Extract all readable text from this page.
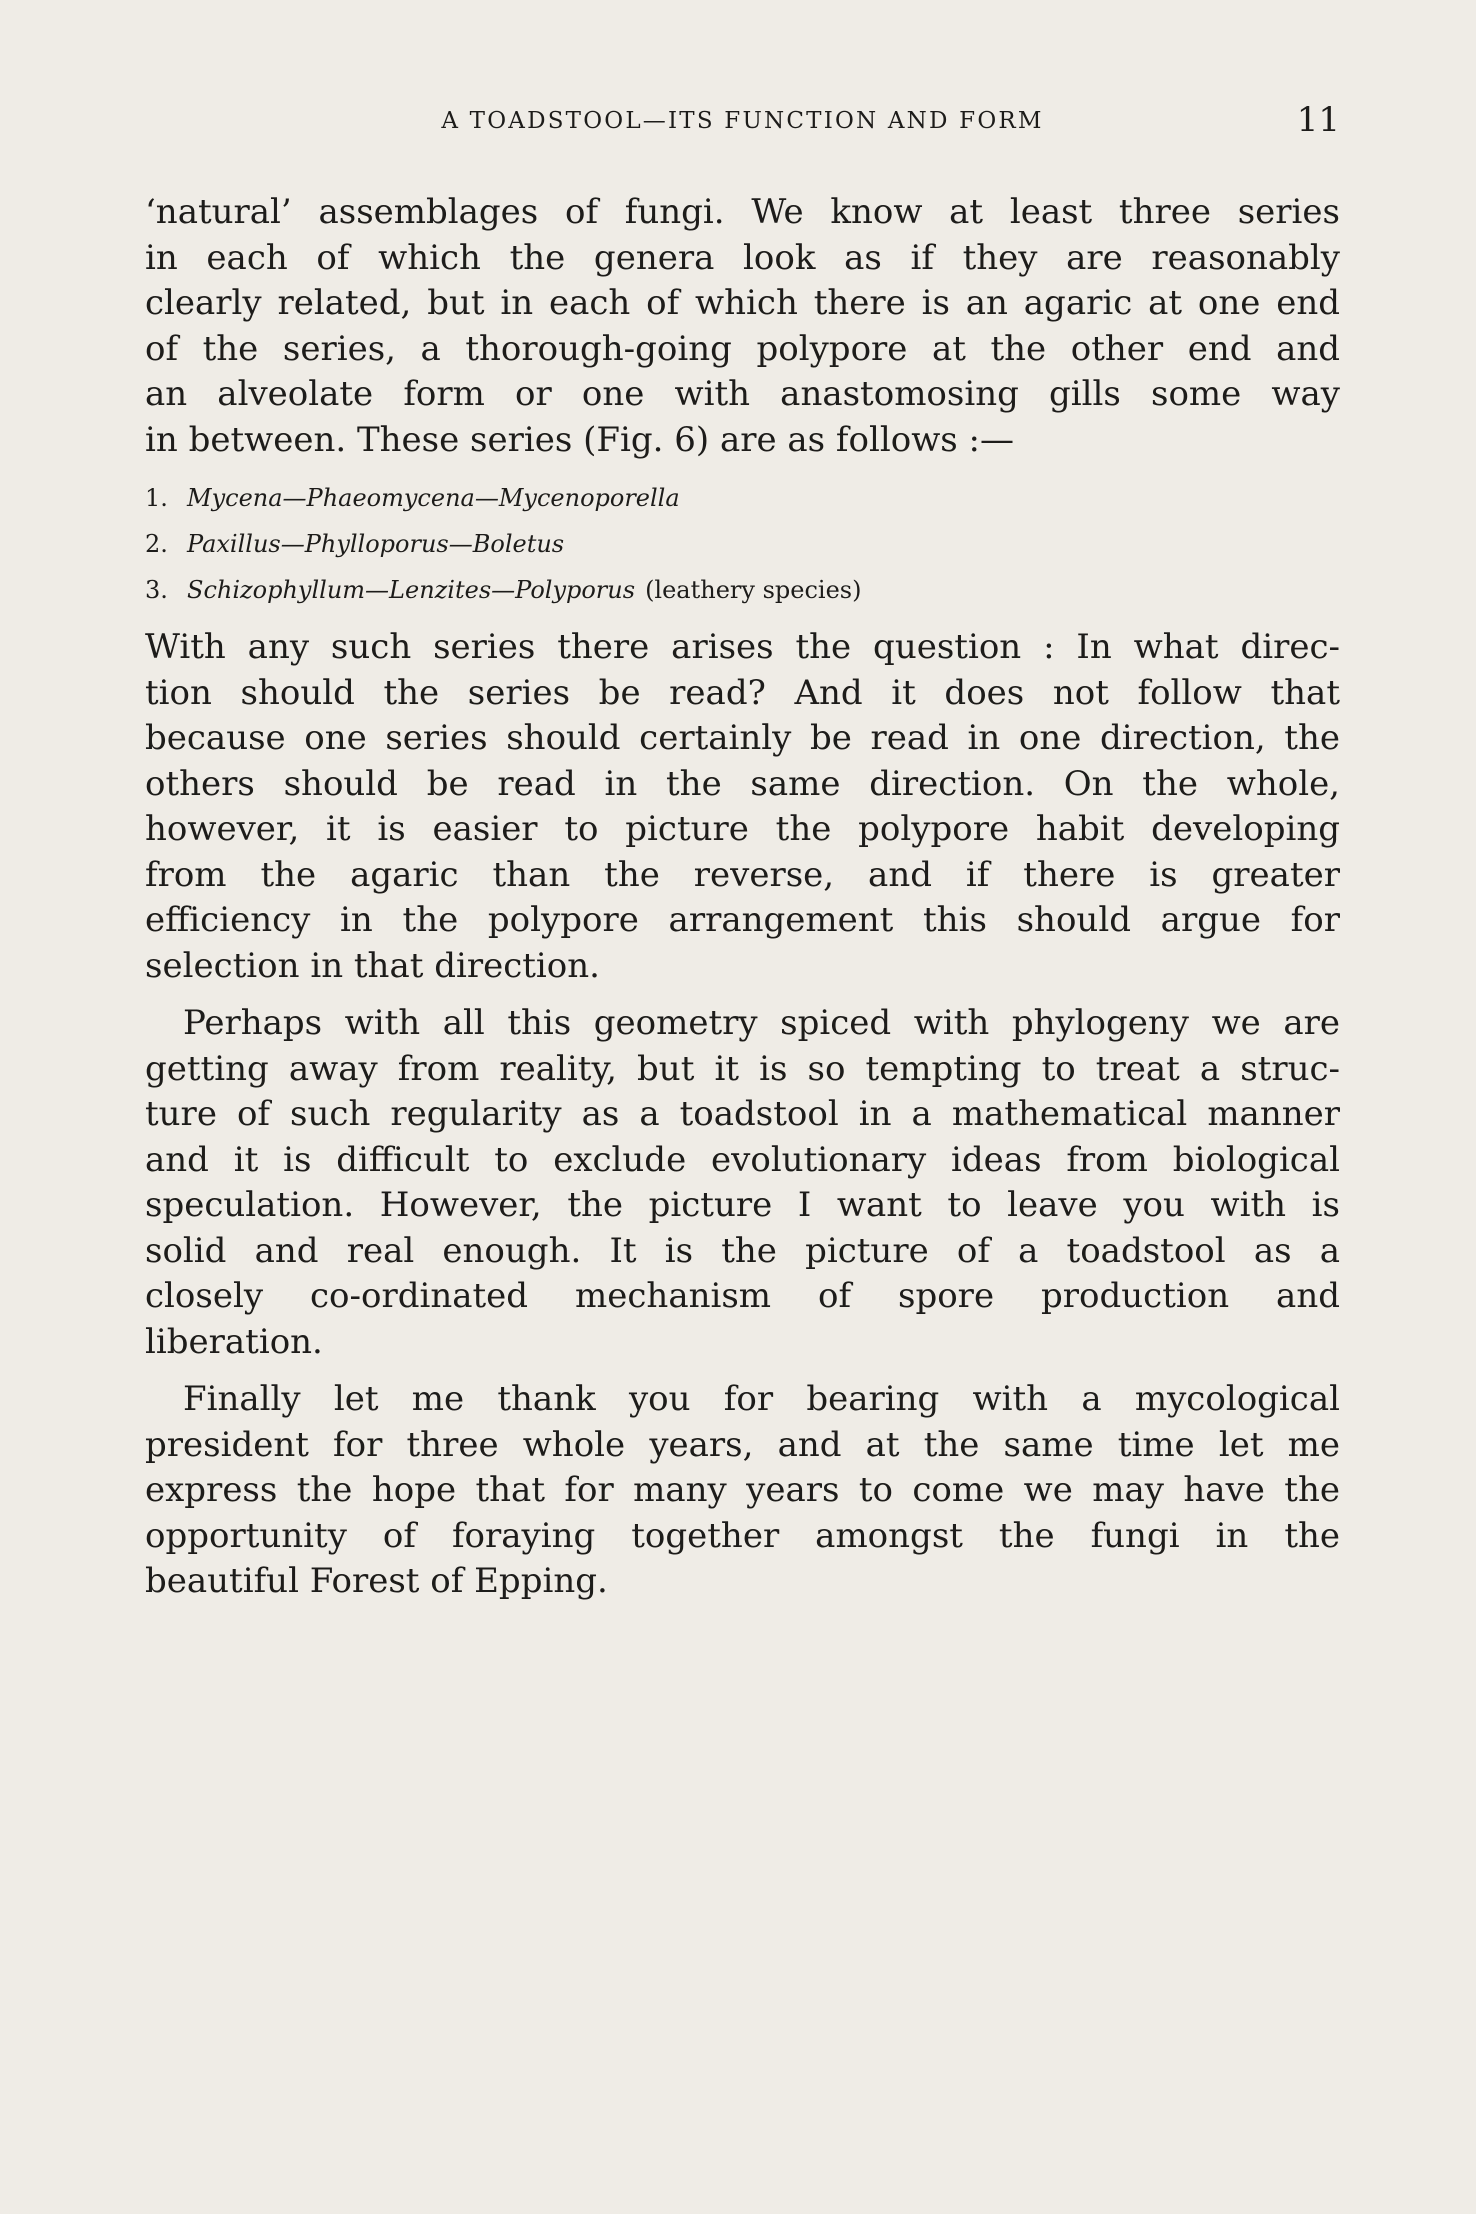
A TOADSTOOL—ITS FUNCTION AND FORM	11
‘natural’ assemblages of fungi. We know at least three series
in each of which the genera look as if they are reasonably
clearly related, but in each of which there is an agaric at one end
of the series, a thorough-going polypore at the other end and
an alveolate form or one with anastomosing gills some way
in between. These series (Fig. 6) are as follows :—
1. Mycena—Phaeomycena—Mycenoporella
2. Paxillus—Phylloporus—Boletus
3. Schizophyllum—Lenzites—Polyporus (leathery species)
With any such series there arises the question : In what direc-
tion should the series be read? And it does not follow that
because one series should certainly be read in one direction, the
others should be read in the same direction. On the whole,
however, it is easier to picture the polypore habit developing
from the agaric than the reverse, and if there is greater
efficiency in the polypore arrangement this should argue for
selection in that direction.
Perhaps with all this geometry spiced with phylogeny we are
getting away from reality, but it is so tempting to treat a struc-
ture of such regularity as a toadstool in a mathematical manner
and it is difficult to exclude evolutionary ideas from biological
speculation. However, the picture I want to leave you with is
solid and real enough. It is the picture of a toadstool as a
closely co-ordinated mechanism of spore production and
liberation.
Finally let me thank you for bearing with a mycological
president for three whole years, and at the same time let me
express the hope that for many years to come we may have the
opportunity of foraying together amongst the fungi in the
beautiful Forest of Epping.
